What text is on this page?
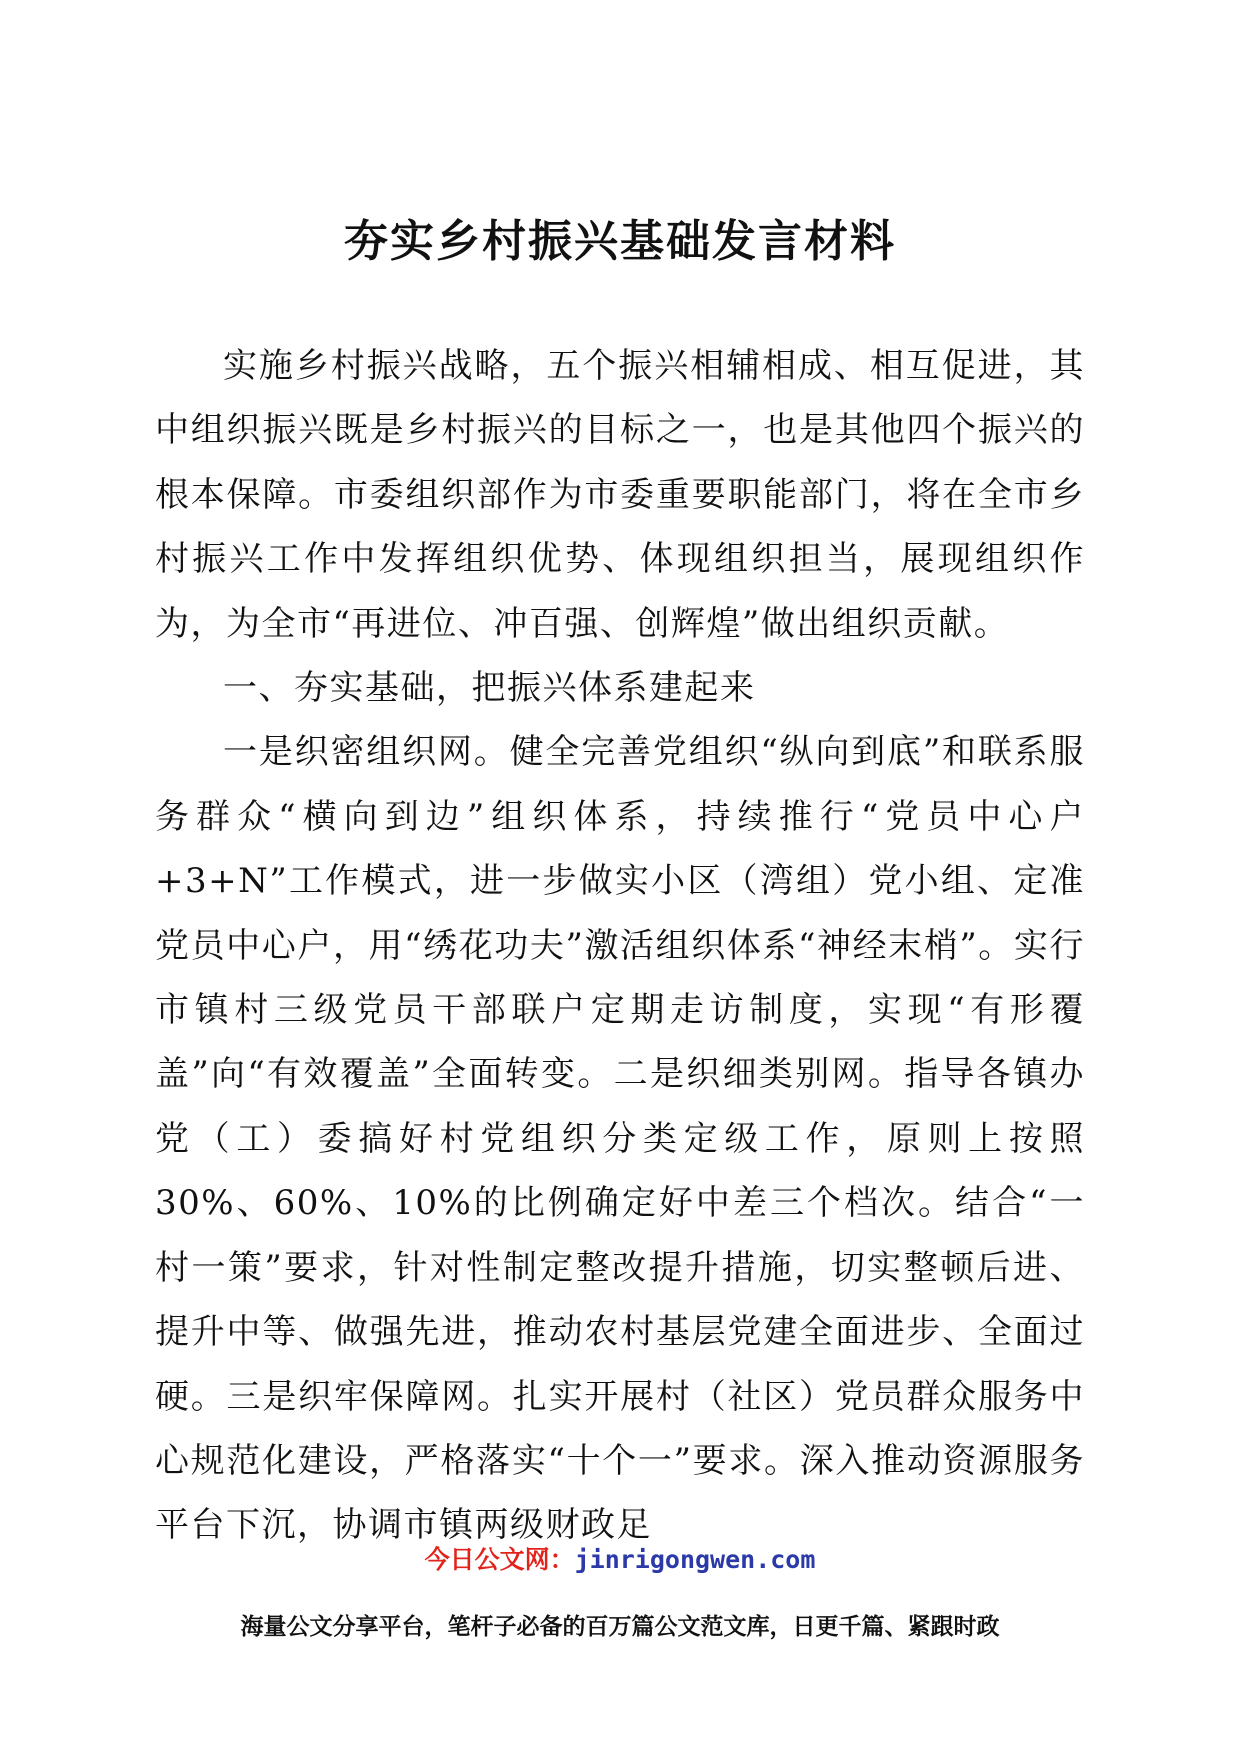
夯实乡村振兴基础发言材料

实施乡村振兴战略，五个振兴相辅相成、相互促进，其中组织振兴既是乡村振兴的目标之一，也是其他四个振兴的根本保障。市委组织部作为市委重要职能部门，将在全市乡村振兴工作中发挥组织优势、体现组织担当，展现组织作为，为全市“再进位、冲百强、创辉煌”做出组织贡献。

一、夯实基础，把振兴体系建起来

一是织密组织网。健全完善党组织“纵向到底”和联系服务群众“横向到边”组织体系，持续推行“党员中心户+3+N”工作模式，进一步做实小区（湾组）党小组、定准党员中心户，用“绣花功夫”激活组织体系“神经末梢”。实行市镇村三级党员干部联户定期走访制度，实现“有形覆盖”向“有效覆盖”全面转变。二是织细类别网。指导各镇办党（工）委搞好村党组织分类定级工作，原则上按照30%、60%、10%的比例确定好中差三个档次。结合“一村一策”要求，针对性制定整改提升措施，切实整顿后进、提升中等、做强先进，推动农村基层党建全面进步、全面过硬。三是织牢保障网。扎实开展村（社区）党员群众服务中心规范化建设，严格落实“十个一”要求。深入推动资源服务平台下沉，协调市镇两级财政足

今日公文网：jinrigongwen.com
海量公文分享平台，笔杆子必备的百万篇公文范文库，日更千篇、紧跟时政
